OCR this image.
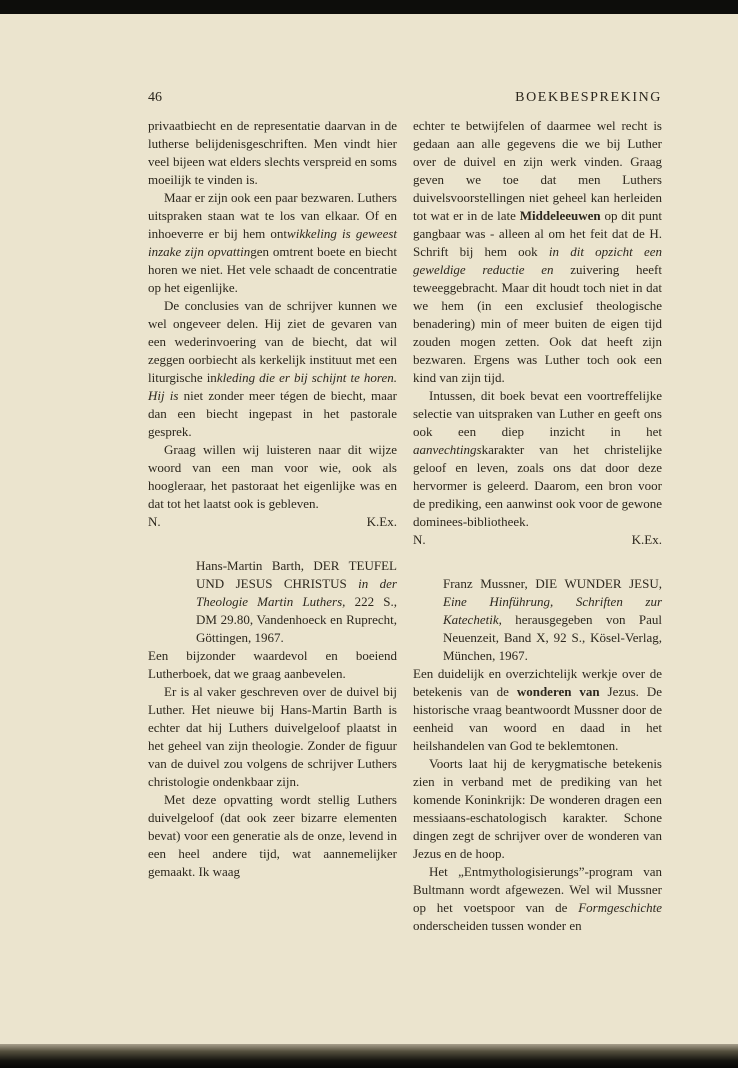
46	BOEKBESPREKING

privaatbiecht en de representatie daarvan in de lutherse belijdenisgeschriften. Men vindt hier veel bijeen wat elders slechts verspreid en soms moeilijk te vinden is.

Maar er zijn ook een paar bezwaren. Luthers uitspraken staan wat te los van elkaar. Of en inhoeverre er bij hem ontwikkeling is geweest inzake zijn opvattingen omtrent boete en biecht horen we niet. Het vele schaadt de concentratie op het eigenlijke.

De conclusies van de schrijver kunnen we wel ongeveer delen. Hij ziet de gevaren van een wederinvoering van de biecht, dat wil zeggen oorbiecht als kerkelijk instituut met een liturgische inkleding die er bij schijnt te horen. Hij is niet zonder meer tégen de biecht, maar dan een biecht ingepast in het pastorale gesprek.

Graag willen wij luisteren naar dit wijze woord van een man voor wie, ook als hoogleraar, het pastoraat het eigenlijke was en dat tot het laatst ook is gebleven.

N.	K.Ex.

Hans-Martin Barth, DER TEUFEL UND JESUS CHRISTUS in der Theologie Martin Luthers, 222 S., DM 29.80, Vandenhoeck en Ruprecht, Göttingen, 1967.

Een bijzonder waardevol en boeiend Lutherboek, dat we graag aanbevelen.

Er is al vaker geschreven over de duivel bij Luther. Het nieuwe bij Hans-Martin Barth is echter dat hij Luthers duivelgeloof plaatst in het geheel van zijn theologie. Zonder de figuur van de duivel zou volgens de schrijver Luthers christologie ondenkbaar zijn.

Met deze opvatting wordt stellig Luthers duivelgeloof (dat ook zeer bizarre elementen bevat) voor een generatie als de onze, levend in een heel andere tijd, wat aannemelijker gemaakt. Ik waag

echter te betwijfelen of daarmee wel recht is gedaan aan alle gegevens die we bij Luther over de duivel en zijn werk vinden. Graag geven we toe dat men Luthers duivelsvoorstellingen niet geheel kan herleiden tot wat er in de late Middeleeuwen op dit punt gangbaar was - alleen al om het feit dat de H. Schrift bij hem ook in dit opzicht een geweldige reductie en zuivering heeft teweeggebracht. Maar dit houdt toch niet in dat we hem (in een exclusief theologische benadering) min of meer buiten de eigen tijd zouden mogen zetten. Ook dat heeft zijn bezwaren. Ergens was Luther toch ook een kind van zijn tijd.

Intussen, dit boek bevat een voortreffelijke selectie van uitspraken van Luther en geeft ons ook een diep inzicht in het aanvechtingskarakter van het christelijke geloof en leven, zoals ons dat door deze hervormer is geleerd. Daarom, een bron voor de prediking, een aanwinst ook voor de gewone dominees-bibliotheek.

N.	K.Ex.

Franz Mussner, DIE WUNDER JESU, Eine Hinführung, Schriften zur Katechetik, herausgegeben von Paul Neuenzeit, Band X, 92 S., Kösel-Verlag, München, 1967.

Een duidelijk en overzichtelijk werkje over de betekenis van de wonderen van Jezus. De historische vraag beantwoordt Mussner door de eenheid van woord en daad in het heilshandelen van God te beklemtonen.

Voorts laat hij de kerygmatische betekenis zien in verband met de prediking van het komende Koninkrijk: De wonderen dragen een messiaans-eschatologisch karakter. Schone dingen zegt de schrijver over de wonderen van Jezus en de hoop.

Het „Entmythologisierungs”-program van Bultmann wordt afgewezen. Wel wil Mussner op het voetspoor van de Formgeschichte onderscheiden tussen wonder en
